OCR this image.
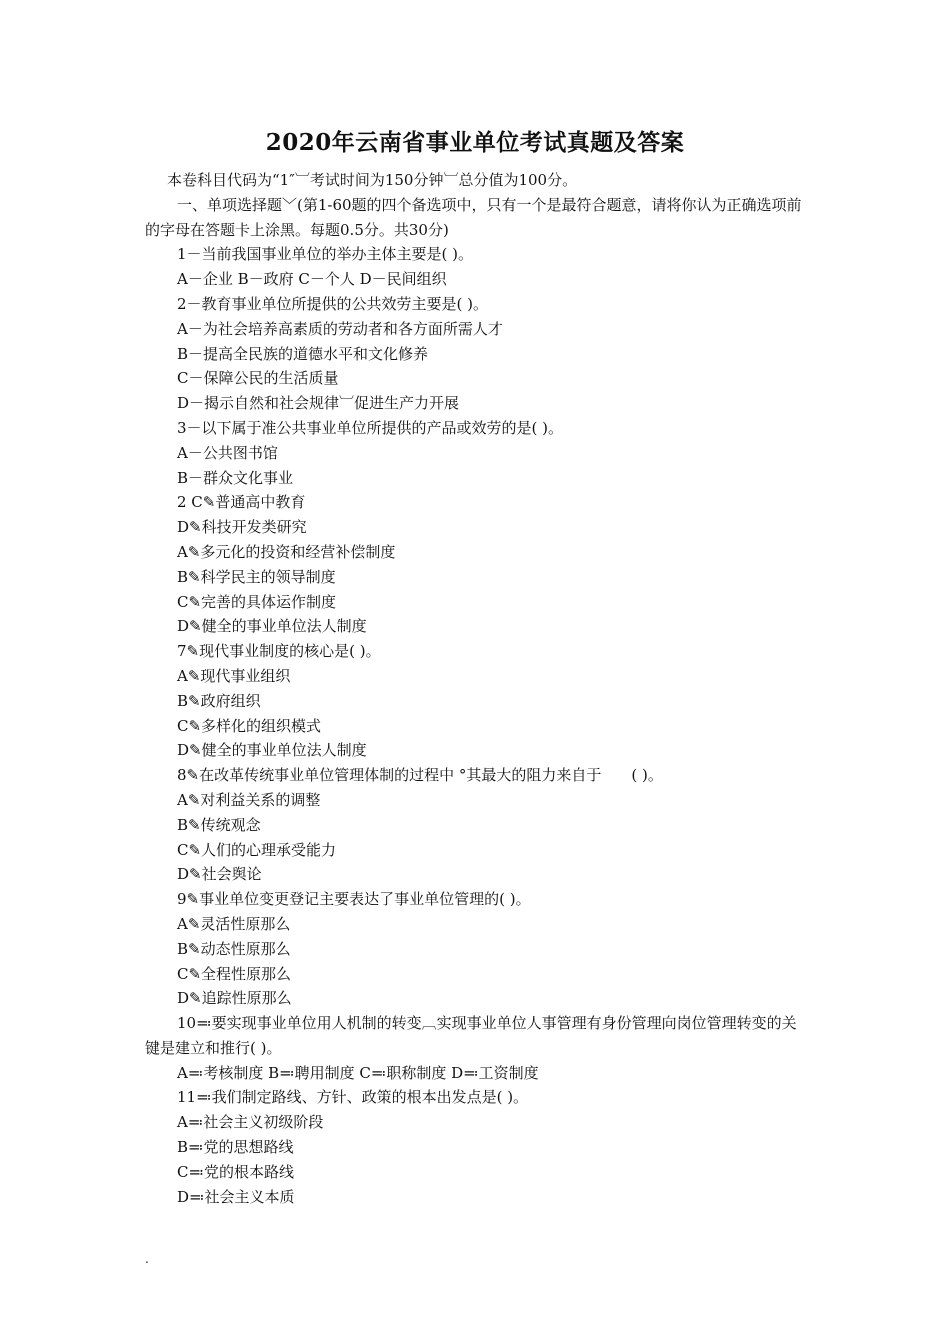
2020年云南省事业单位考试真题及答案
本卷科目代码为“1″︺考试时间为150分钟︺总分值为100分。
一、单项选择题﹀(第1-60题的四个备选项中，只有一个是最符合题意，请将你认为正确选项前的字母在答题卡上涂黑。每题0.5分。共30分)
1－当前我国事业单位的举办主体主要是( )。
A－企业 B－政府 C－个人 D－民间组织
2－教育事业单位所提供的公共效劳主要是( )。
A－为社会培养高素质的劳动者和各方面所需人才
B－提高全民族的道德水平和文化修养
C－保障公民的生活质量
D－揭示自然和社会规律︺促进生产力开展
3－以下属于准公共事业单位所提供的产品或效劳的是( )。
A－公共图书馆
B－群众文化事业
2 C✎普通高中教育
D✎科技开发类研究
A✎多元化的投资和经营补偿制度
B✎科学民主的领导制度
C✎完善的具体运作制度
D✎健全的事业单位法人制度
7✎现代事业制度的核心是( )。
A✎现代事业组织
B✎政府组织
C✎多样化的组织模式
D✎健全的事业单位法人制度
8✎在改革传统事业单位管理体制的过程中 °其最大的阻力来自于　　( )。
A✎对利益关系的调整
B✎传统观念
C✎人们的心理承受能力
D✎社会舆论
9✎事业单位变更登记主要表达了事业单位管理的( )。
A✎灵活性原那么
B✎动态性原那么
C✎全程性原那么
D✎追踪性原那么
10≕要实现事业单位用人机制的转变︹实现事业单位人事管理有身份管理向岗位管理转变的关键是建立和推行( )。
A≕考核制度 B≕聘用制度 C≕职称制度 D≕工资制度
11≕我们制定路线、方针、政策的根本出发点是( )。
A≕社会主义初级阶段
B≕党的思想路线
C≕党的根本路线
D≕社会主义本质
.
